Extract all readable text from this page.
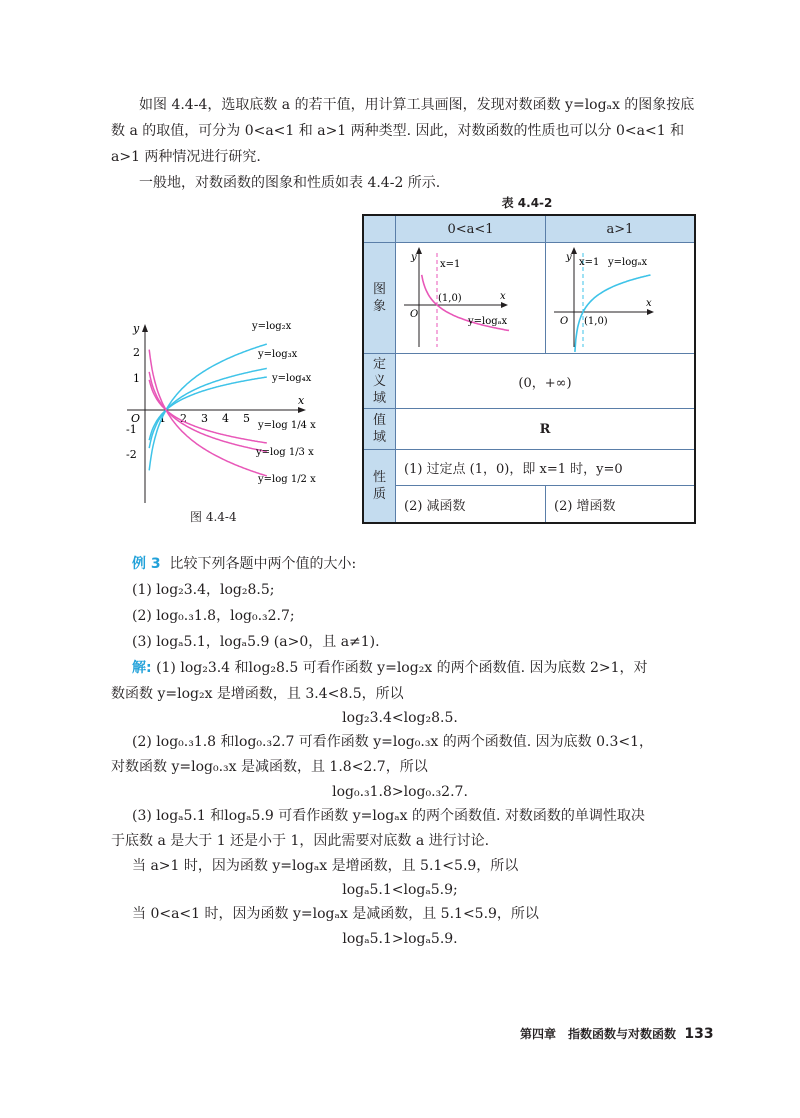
如图 4.4-4，选取底数 a 的若干值，用计算工具画图，发现对数函数 y=logₐx 的图象按底数 a 的取值，可分为 0<a<1 和 a>1 两种类型. 因此，对数函数的性质也可以分 0<a<1 和 a>1 两种情况进行研究.

一般地，对数函数的图象和性质如表 4.4-2 所示.

y
x
O 1 2 3 4 5
2
1
-1
-2
y=log₂x
y=log₃x
y=log₄x
y=log 1/4 x
y=log 1/3 x
y=log 1/2 x
图 4.4-4
表 4.4-2
0<a<1	a>1
图
象
y
x
O
x=1
(1,0)
y=logₐx
y
x
O
x=1
(1,0)
y=logₐx
定
义
域
(0，+∞)
值
域
R
性
质
(1) 过定点 (1，0)，即 x=1 时，y=0
(2) 减函数	(2) 增函数
例 3 比较下列各题中两个值的大小:
(1) log₂3.4，log₂8.5;
(2) log₀.₃1.8，log₀.₃2.7;
(3) logₐ5.1，logₐ5.9 (a>0，且 a≠1).
解: (1) log₂3.4 和log₂8.5 可看作函数 y=log₂x 的两个函数值. 因为底数 2>1，对
数函数 y=log₂x 是增函数，且 3.4<8.5，所以
log₂3.4<log₂8.5.
(2) log₀.₃1.8 和log₀.₃2.7 可看作函数 y=log₀.₃x 的两个函数值. 因为底数 0.3<1，
对数函数 y=log₀.₃x 是减函数，且 1.8<2.7，所以
log₀.₃1.8>log₀.₃2.7.
(3) logₐ5.1 和logₐ5.9 可看作函数 y=logₐx 的两个函数值. 对数函数的单调性取决
于底数 a 是大于 1 还是小于 1，因此需要对底数 a 进行讨论.
当 a>1 时，因为函数 y=logₐx 是增函数，且 5.1<5.9，所以
logₐ5.1<logₐ5.9;
当 0<a<1 时，因为函数 y=logₐx 是减函数，且 5.1<5.9，所以
logₐ5.1>logₐ5.9.
第四章　指数函数与对数函数 133
